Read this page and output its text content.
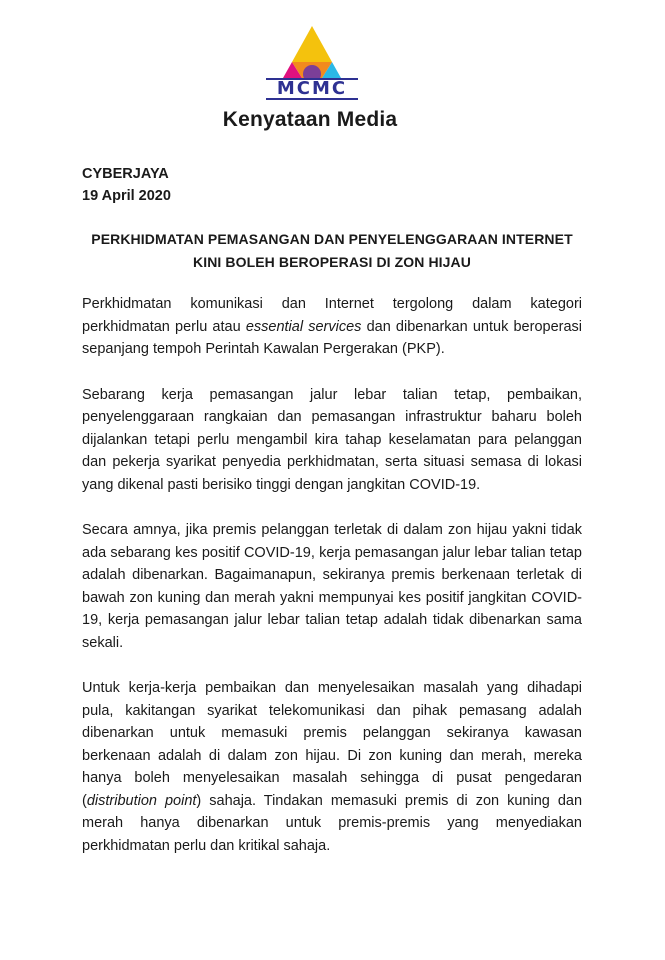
MCMC
Kenyataan Media
CYBERJAYA
19 April 2020
PERKHIDMATAN PEMASANGAN DAN PENYELENGGARAAN INTERNET
KINI BOLEH BEROPERASI DI ZON HIJAU

Perkhidmatan komunikasi dan Internet tergolong dalam kategori perkhidmatan perlu atau essential services dan dibenarkan untuk beroperasi sepanjang tempoh Perintah Kawalan Pergerakan (PKP).

Sebarang kerja pemasangan jalur lebar talian tetap, pembaikan, penyelenggaraan rangkaian dan pemasangan infrastruktur baharu boleh dijalankan tetapi perlu mengambil kira tahap keselamatan para pelanggan dan pekerja syarikat penyedia perkhidmatan, serta situasi semasa di lokasi yang dikenal pasti berisiko tinggi dengan jangkitan COVID-19.

Secara amnya, jika premis pelanggan terletak di dalam zon hijau yakni tidak ada sebarang kes positif COVID-19, kerja pemasangan jalur lebar talian tetap adalah dibenarkan. Bagaimanapun, sekiranya premis berkenaan terletak di bawah zon kuning dan merah yakni mempunyai kes positif jangkitan COVID-19, kerja pemasangan jalur lebar talian tetap adalah tidak dibenarkan sama sekali.

Untuk kerja-kerja pembaikan dan menyelesaikan masalah yang dihadapi pula, kakitangan syarikat telekomunikasi dan pihak pemasang adalah dibenarkan untuk memasuki premis pelanggan sekiranya kawasan berkenaan adalah di dalam zon hijau. Di zon kuning dan merah, mereka hanya boleh menyelesaikan masalah sehingga di pusat pengedaran (distribution point) sahaja. Tindakan memasuki premis di zon kuning dan merah hanya dibenarkan untuk premis-premis yang menyediakan perkhidmatan perlu dan kritikal sahaja.
